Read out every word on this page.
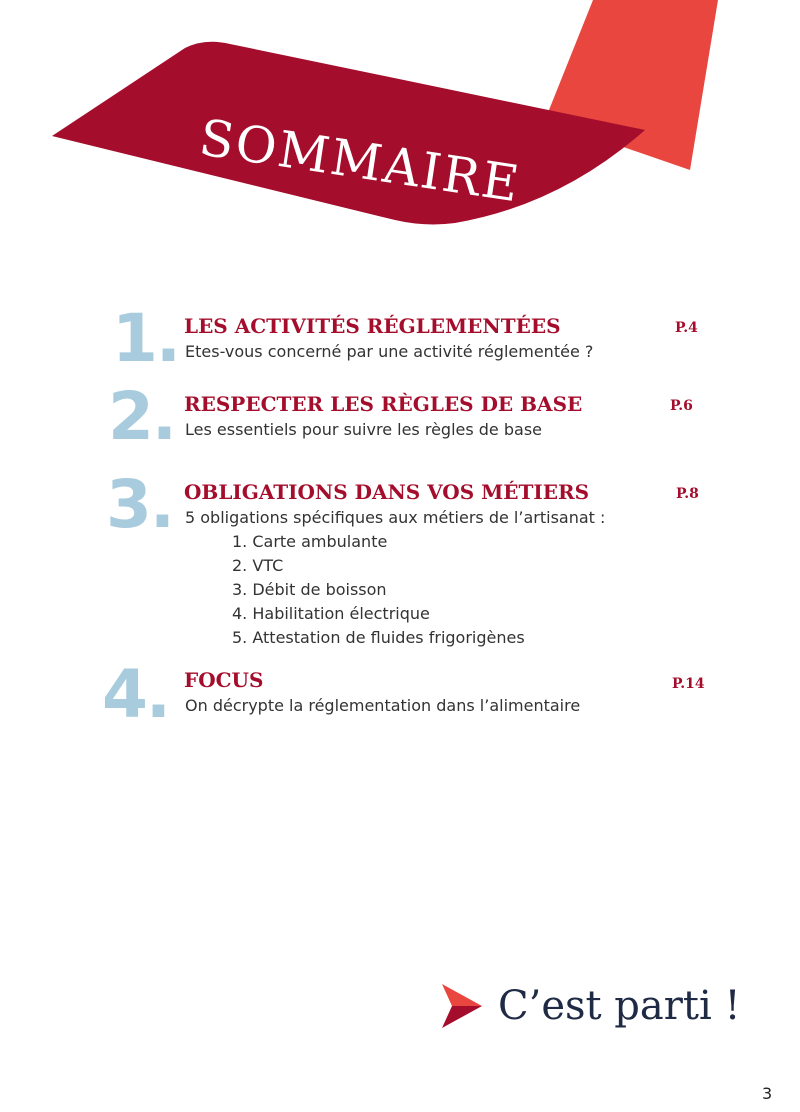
SOMMAIRE
1. LES ACTIVITÉS RÉGLEMENTÉES	P.4
Etes-vous concerné par une activité réglementée ?
2. RESPECTER LES RÈGLES DE BASE	P.6
Les essentiels pour suivre les règles de base
3. OBLIGATIONS DANS VOS MÉTIERS	P.8
5 obligations spécifiques aux métiers de l’artisanat :
1. Carte ambulante
2. VTC
3. Débit de boisson
4. Habilitation électrique
5. Attestation de fluides frigorigènes
4. FOCUS	P.14
On décrypte la réglementation dans l’alimentaire
C’est parti !
3
